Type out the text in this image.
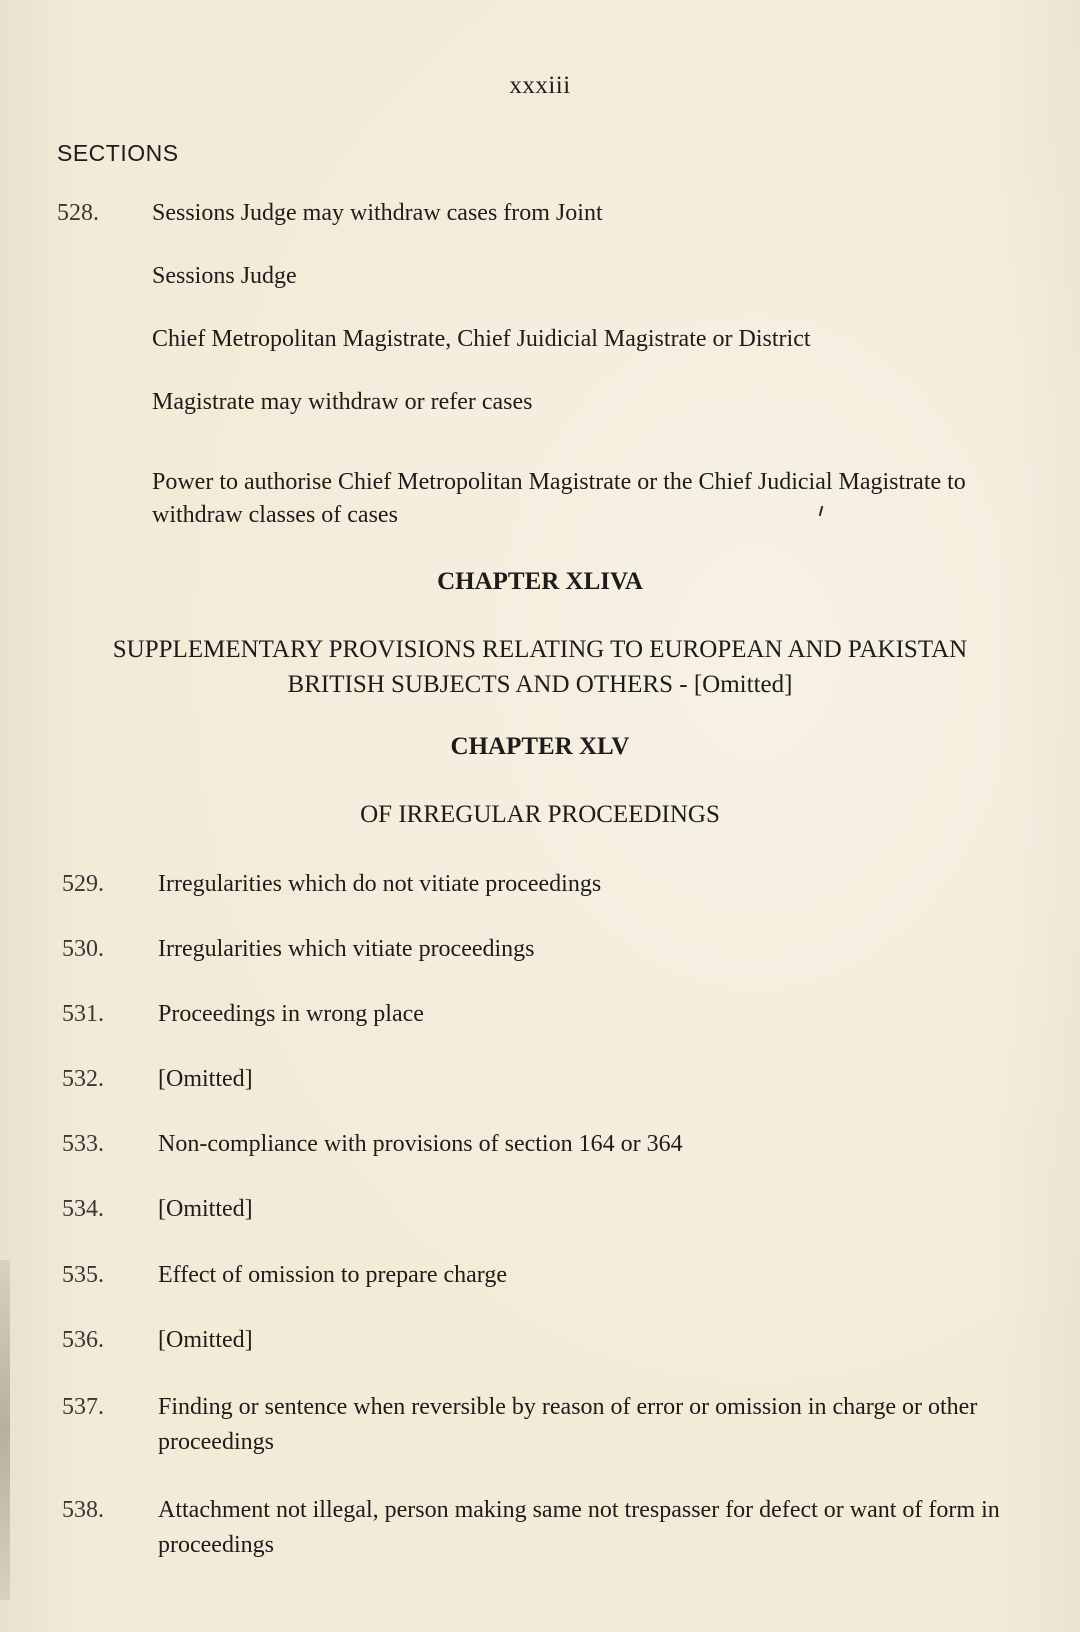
xxxiii
SECTIONS
528. Sessions Judge may withdraw cases from Joint
Sessions Judge
Chief Metropolitan Magistrate, Chief Juidicial Magistrate or District
Magistrate may withdraw or refer cases
Power to authorise Chief Metropolitan Magistrate or the Chief Judicial Magistrate to withdraw classes of cases
CHAPTER XLIVA
SUPPLEMENTARY PROVISIONS RELATING TO EUROPEAN AND PAKISTAN BRITISH SUBJECTS AND OTHERS - [Omitted]
CHAPTER XLV
OF IRREGULAR PROCEEDINGS
529. Irregularities which do not vitiate proceedings
530. Irregularities which vitiate proceedings
531. Proceedings in wrong place
532. [Omitted]
533. Non-compliance with provisions of section 164 or 364
534. [Omitted]
535. Effect of omission to prepare charge
536. [Omitted]
537. Finding or sentence when reversible by reason of error or omission in charge or other proceedings
538. Attachment not illegal, person making same not trespasser for defect or want of form in proceedings
